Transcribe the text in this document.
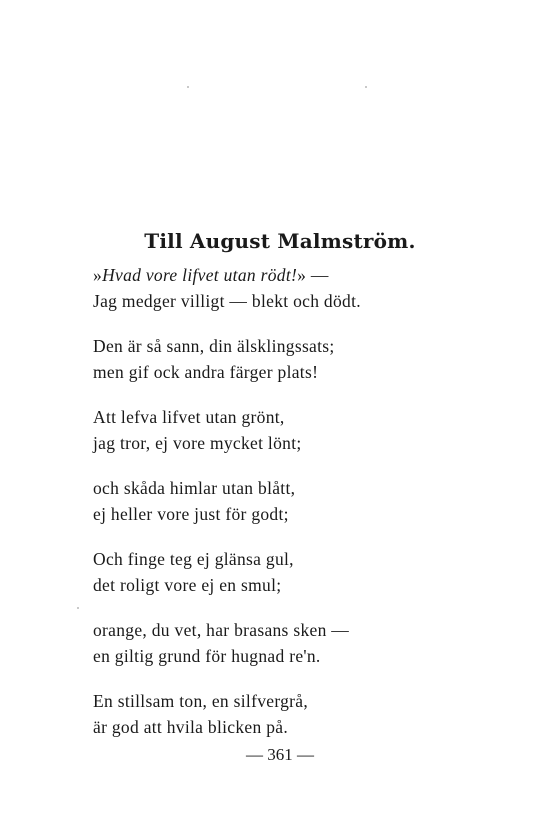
Till August Malmström.
»Hvad vore lifvet utan rödt!» —
Jag medger villigt — blekt och dödt.
Den är så sann, din älsklingssats;
men gif ock andra färger plats!
Att lefva lifvet utan grönt,
jag tror, ej vore mycket lönt;
och skåda himlar utan blått,
ej heller vore just för godt;
Och finge teg ej glänsa gul,
det roligt vore ej en smul;
orange, du vet, har brasans sken —
en giltig grund för hugnad re'n.
En stillsam ton, en silfvergrå,
är god att hvila blicken på.
— 361 —
